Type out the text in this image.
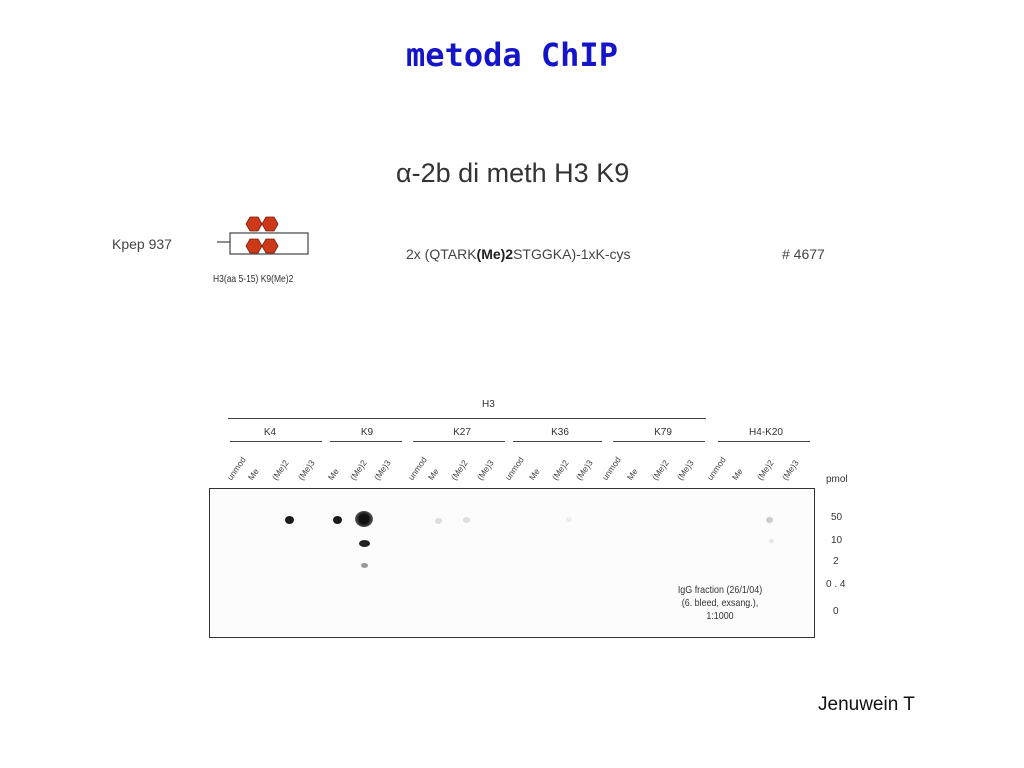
metoda ChIP
α-2b di meth H3 K9
Kpep 937
2x (QTARK(Me)2STGGKA)-1xK-cys	# 4677
H3(aa 5-15) K9(Me)2
H3
K4	K9	K27	K36	K79	H4-K20
unmod
Me (Me)2 (Me)3 Me (Me)2 (Me)3 unmod
Me (Me)2 (Me)3 unmod Me (Me)2 (Me)3 unmod Me (Me)2 (Me)3 unmod Me (Me)2 (Me)3	pmol
IgG fraction (26/1/04)
(6. bleed, exsang.),
1:1000
50
10
2
0 . 4
0
Jenuwein T
